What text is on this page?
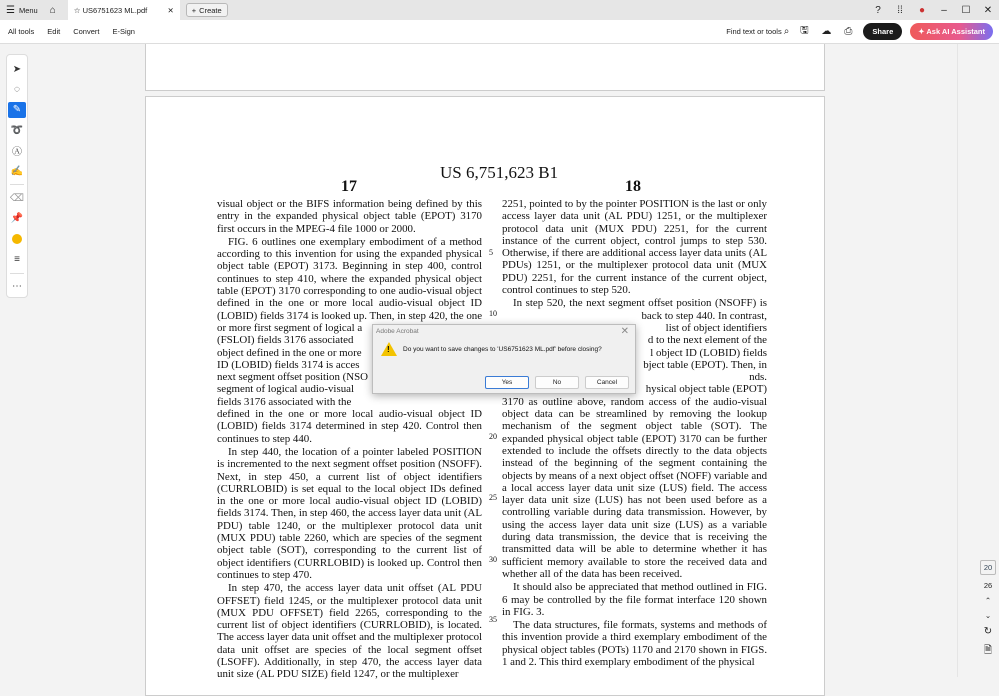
☰ Menu ⌂ ☆ US6751623 ML.pdf	✕ + Create	?	⁞⁞	●	–	☐	✕
All tools Edit Convert E-Sign	Find text or tools ⌕ 🖫 ☁	⎙	Share	✦ Ask AI Assistant
➤
◌
✎
➰
Ⓐ
✍
⌫
📌
≡
⋯
US 6,751,623 B1
17	18
visual object or the BIFS information being defined by this
entry in the expanded physical object table (EPOT) 3170
first occurs in the MPEG-4 file 1000 or 2000.
FIG. 6 outlines one exemplary embodiment of a method
according to this invention for using the expanded physical
object table (EPOT) 3173. Beginning in step 400, control
continues to step 410, where the expanded physical object
table (EPOT) 3170 corresponding to one audio-visual object
defined in the one or more local audio-visual object ID
(LOBID) fields 3174 is looked up. Then, in step 420, the one
or more first segment of logical a
(FSLOI) fields 3176 associated
object defined in the one or more
ID (LOBID) fields 3174 is acces
next segment offset position (NSO
segment of logical audio-visual
fields 3176 associated with the
defined in the one or more local audio-visual object ID
(LOBID) fields 3174 determined in step 420. Control then
continues to step 440.
In step 440, the location of a pointer labeled POSITION
is incremented to the next segment offset position (NSOFF).
Next, in step 450, a current list of object identifiers
(CURRLOBID) is set equal to the local object IDs defined
in the one or more local audio-visual object ID (LOBID)
fields 3174. Then, in step 460, the access layer data unit (AL
PDU) table 1240, or the multiplexer protocol data unit
(MUX PDU) table 2260, which are species of the segment
object table (SOT), corresponding to the current list of
object identifiers (CURRLOBID) is looked up. Control then
continues to step 470.
In step 470, the access layer data unit offset (AL PDU
OFFSET) field 1245, or the multiplexer protocol data unit
(MUX PDU OFFSET) field 2265, corresponding to the
current list of object identifiers (CURRLOBID), is located.
The access layer data unit offset and the multiplexer protocol
data unit offset are species of the local segment offset
(LSOFF). Additionally, in step 470, the access layer data
unit size (AL PDU SIZE) field 1247, or the multiplexer
2251, pointed to by the pointer POSITION is the last or only
access layer data unit (AL PDU) 1251, or the multiplexer
protocol data unit (MUX PDU) 2251, for the current
instance of the current object, control jumps to step 530.
Otherwise, if there are additional access layer data units (AL
PDUs) 1251, or the multiplexer protocol data unit (MUX
PDU) 2251, for the current instance of the current object,
control continues to step 520.
In step 520, the next segment offset position (NSOFF) is
back to step 440. In contrast,
list of object identifiers
d to the next element of the
l object ID (LOBID) fields
bject table (EPOT). Then, in
nds.
hysical object table (EPOT)
3170 as outline above, random access of the audio-visual
object data can be streamlined by removing the lookup
mechanism of the segment object table (SOT). The
expanded physical object table (EPOT) 3170 can be further
extended to include the offsets directly to the data objects
instead of the beginning of the segment containing the
objects by means of a next object offset (NOFF) variable and
a local access layer data unit size (LUS) field. The access
layer data unit size (LUS) has not been used before as a
controlling variable during data transmission. However, by
using the access layer data unit size (LUS) as a variable
during data transmission, the device that is receiving the
transmitted data will be able to determine whether it has
sufficient memory available to store the received data and
whether all of the data has been received.
It should also be appreciated that method outlined in FIG.
6 may be controlled by the file format interface 120 shown
in FIG. 3.
The data structures, file formats, systems and methods of
this invention provide a third exemplary embodiment of the
physical object tables (POTs) 1170 and 2170 shown in FIGS.
1 and 2. This third exemplary embodiment of the physical
5
10
20
25
30
35
20
26
⌃
⌄
↻
🗎
Adobe Acrobat	✕
! Do you want to save changes to 'US6751623 ML.pdf' before closing?
Yes	No	Cancel
